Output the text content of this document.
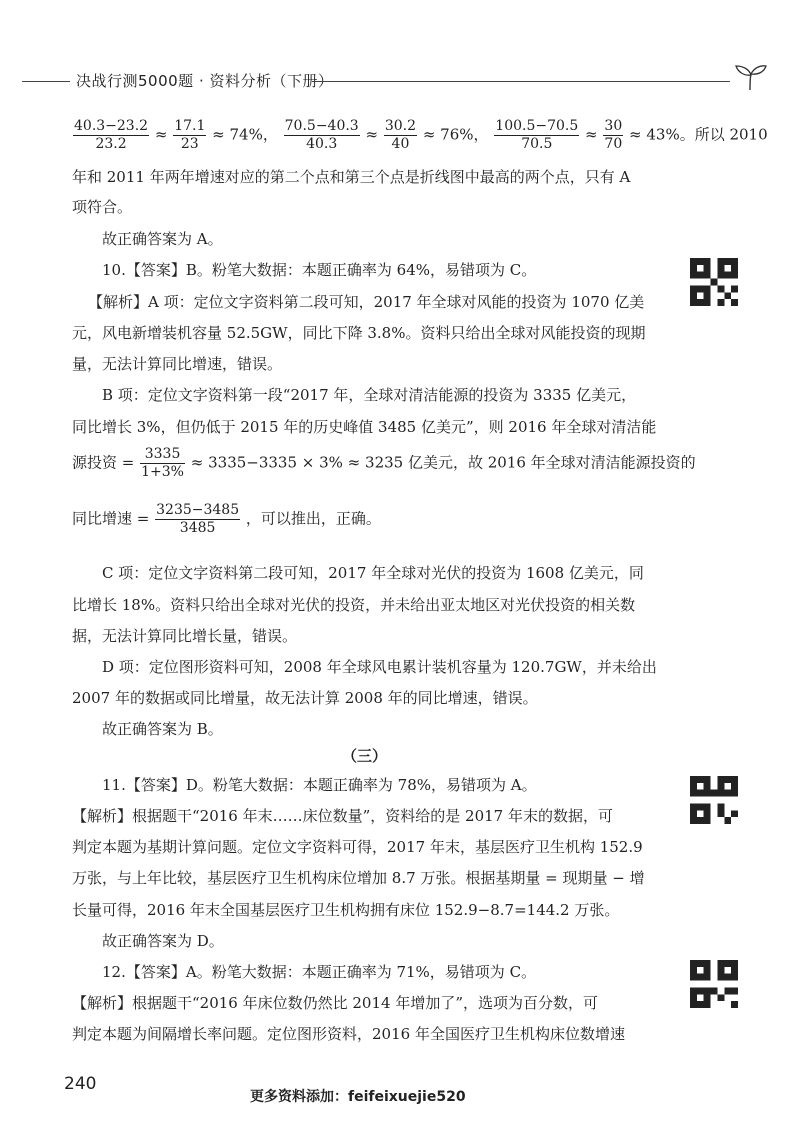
决战行测5000题 · 资料分析（下册）
$\frac{40.3-23.2}{23.2} \approx \frac{17.1}{23} \approx 74\%$， $\frac{70.5-40.3}{40.3} \approx \frac{30.2}{40} \approx 76\%$， $\frac{100.5-70.5}{70.5} \approx \frac{30}{70} \approx 43\%$。所以 2010
年和 2011 年两年增速对应的第二个点和第三个点是折线图中最高的两个点，只有 A
项符合。
故正确答案为 A。
10.【答案】B。粉笔大数据：本题正确率为 64%，易错项为 C。
【解析】A 项：定位文字资料第二段可知，2017 年全球对风能的投资为 1070 亿美
元，风电新增装机容量 52.5GW，同比下降 3.8%。资料只给出全球对风能投资的现期
量，无法计算同比增速，错误。
B 项：定位文字资料第一段“2017 年，全球对清洁能源的投资为 3335 亿美元，
同比增长 3%，但仍低于 2015 年的历史峰值 3485 亿美元”，则 2016 年全球对清洁能
源投资 = $\frac{3335}{1+3\%} \approx 3335-3335 \times 3\% \approx 3235$ 亿美元，故 2016 年全球对清洁能源投资的
同比增速 = $\frac{3235-3485}{3485}$ ，可以推出，正确。
C 项：定位文字资料第二段可知，2017 年全球对光伏的投资为 1608 亿美元，同
比增长 18%。资料只给出全球对光伏的投资，并未给出亚太地区对光伏投资的相关数
据，无法计算同比增长量，错误。
D 项：定位图形资料可知，2008 年全球风电累计装机容量为 120.7GW，并未给出
2007 年的数据或同比增量，故无法计算 2008 年的同比增速，错误。
故正确答案为 B。
（三）
11.【答案】D。粉笔大数据：本题正确率为 78%，易错项为 A。
【解析】根据题干“2016 年末……床位数量”，资料给的是 2017 年末的数据，可
判定本题为基期计算问题。定位文字资料可得，2017 年末，基层医疗卫生机构 152.9
万张，与上年比较，基层医疗卫生机构床位增加 8.7 万张。根据基期量 = 现期量 − 增
长量可得，2016 年末全国基层医疗卫生机构拥有床位 152.9−8.7=144.2 万张。
故正确答案为 D。
12.【答案】A。粉笔大数据：本题正确率为 71%，易错项为 C。
【解析】根据题干“2016 年床位数仍然比 2014 年增加了”，选项为百分数，可
判定本题为间隔增长率问题。定位图形资料，2016 年全国医疗卫生机构床位数增速
240
更多资料添加：feifeixuejie520
